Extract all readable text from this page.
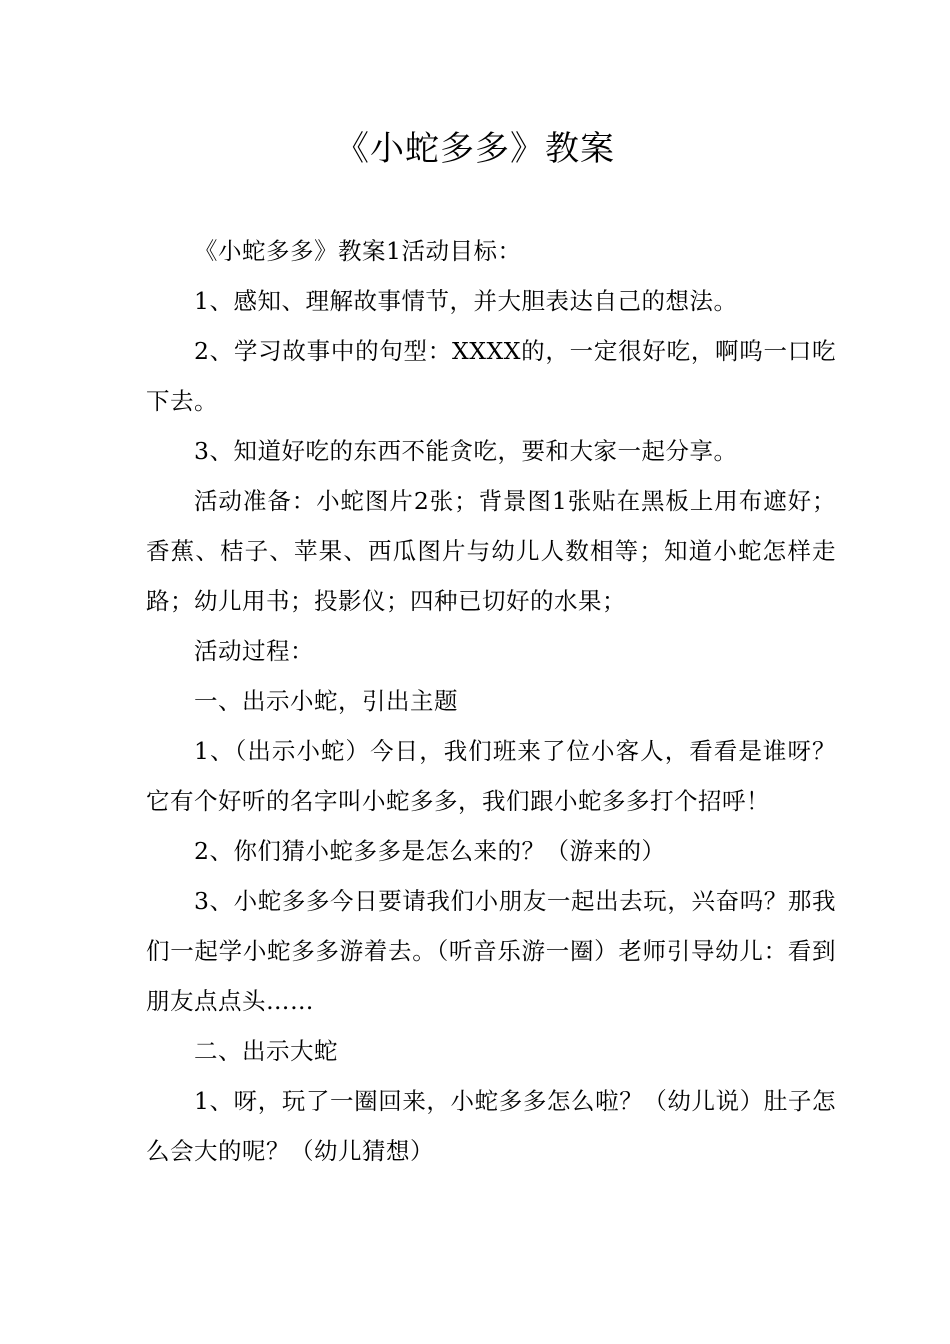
《小蛇多多》教案

《小蛇多多》教案1活动目标：

1、感知、理解故事情节，并大胆表达自己的想法。

2、学习故事中的句型：XXXX的，一定很好吃，啊呜一口吃下去。

3、知道好吃的东西不能贪吃，要和大家一起分享。

活动准备：小蛇图片2张；背景图1张贴在黑板上用布遮好；香蕉、桔子、苹果、西瓜图片与幼儿人数相等；知道小蛇怎样走路；幼儿用书；投影仪；四种已切好的水果；

活动过程：

一、出示小蛇，引出主题

1、（出示小蛇）今日，我们班来了位小客人，看看是谁呀？它有个好听的名字叫小蛇多多，我们跟小蛇多多打个招呼！

2、你们猜小蛇多多是怎么来的？（游来的）

3、小蛇多多今日要请我们小朋友一起出去玩，兴奋吗？那我们一起学小蛇多多游着去。（听音乐游一圈）老师引导幼儿：看到朋友点点头……

二、出示大蛇

1、呀，玩了一圈回来，小蛇多多怎么啦？（幼儿说）肚子怎么会大的呢？（幼儿猜想）
